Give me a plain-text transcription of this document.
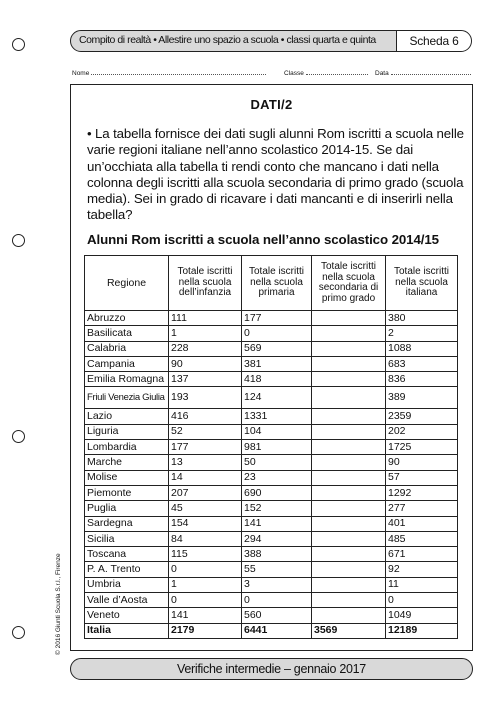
Compito di realtà • Allestire uno spazio a scuola • classi quarta e quinta	Scheda 6
Nome	Classe	Data
DATI/2
• La tabella fornisce dei dati sugli alunni Rom iscritti a scuola nelle varie regioni italiane nell’anno scolastico 2014-15. Se dai un’occhiata alla tabella ti rendi conto che mancano i dati nella colonna degli iscritti alla scuola secondaria di primo grado (scuola media). Sei in grado di ricavare i dati mancanti e di inserirli nella tabella?
Alunni Rom iscritti a scuola nell’anno scolastico 2014/15
Regione	Totale iscritti nella scuola dell’infanzia	Totale iscritti nella scuola primaria	Totale iscritti nella scuola secondaria di primo grado	Totale iscritti nella scuola italiana
Abruzzo	111	177		380
Basilicata	1	0		2
Calabria	228	569		1088
Campania	90	381		683
Emilia Romagna	137	418		836
Friuli Venezia Giulia	193	124		389
Lazio	416	1331		2359
Liguria	52	104		202
Lombardia	177	981		1725
Marche	13	50		90
Molise	14	23		57
Piemonte	207	690		1292
Puglia	45	152		277
Sardegna	154	141		401
Sicilia	84	294		485
Toscana	115	388		671
P. A. Trento	0	55		92
Umbria	1	3		11
Valle d’Aosta	0	0		0
Veneto	141	560		1049
Italia	2179	6441	3569	12189
© 2016 Giunti Scuola S.r.l., Firenze
Verifiche intermedie – gennaio 2017
